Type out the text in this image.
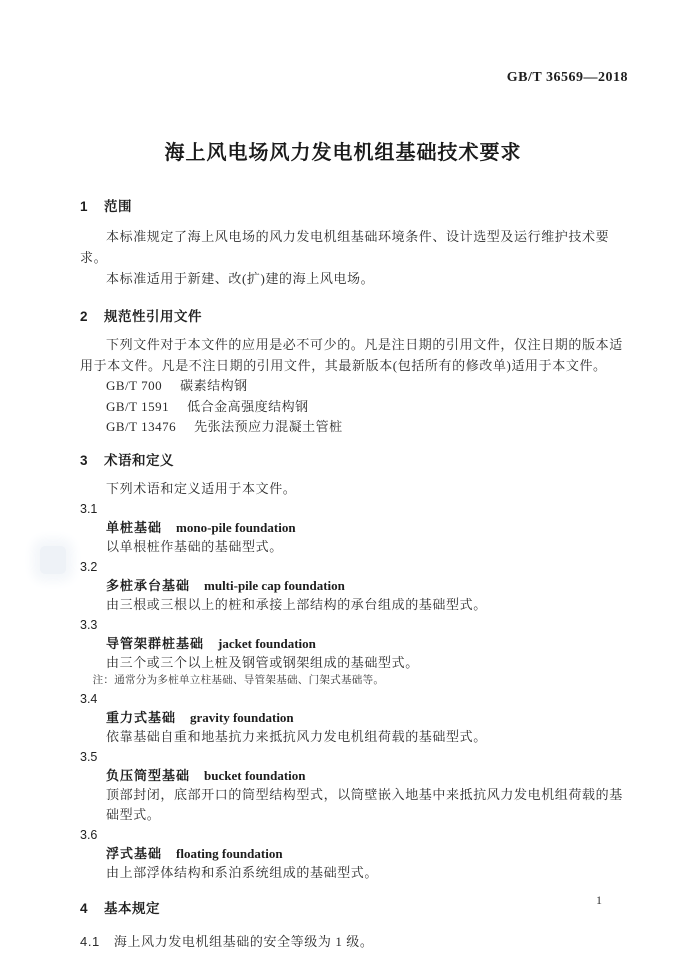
GB/T 36569—2018
海上风电场风力发电机组基础技术要求
1 范围
本标准规定了海上风电场的风力发电机组基础环境条件、设计选型及运行维护技术要求。
本标准适用于新建、改(扩)建的海上风电场。
2 规范性引用文件
下列文件对于本文件的应用是必不可少的。凡是注日期的引用文件，仅注日期的版本适用于本文件。凡是不注日期的引用文件，其最新版本(包括所有的修改单)适用于本文件。
GB/T 700 碳素结构钢
GB/T 1591 低合金高强度结构钢
GB/T 13476 先张法预应力混凝土管桩
3 术语和定义
下列术语和定义适用于本文件。
3.1
单桩基础 mono-pile foundation
以单根桩作基础的基础型式。
3.2
多桩承台基础 multi-pile cap foundation
由三根或三根以上的桩和承接上部结构的承台组成的基础型式。
3.3
导管架群桩基础 jacket foundation
由三个或三个以上桩及钢管或钢架组成的基础型式。
注：通常分为多桩单立柱基础、导管架基础、门架式基础等。
3.4
重力式基础 gravity foundation
依靠基础自重和地基抗力来抵抗风力发电机组荷载的基础型式。
3.5
负压筒型基础 bucket foundation
顶部封闭，底部开口的筒型结构型式，以筒壁嵌入地基中来抵抗风力发电机组荷载的基础型式。
3.6
浮式基础 floating foundation
由上部浮体结构和系泊系统组成的基础型式。
4 基本规定
4.1 海上风力发电机组基础的安全等级为 1 级。
1
